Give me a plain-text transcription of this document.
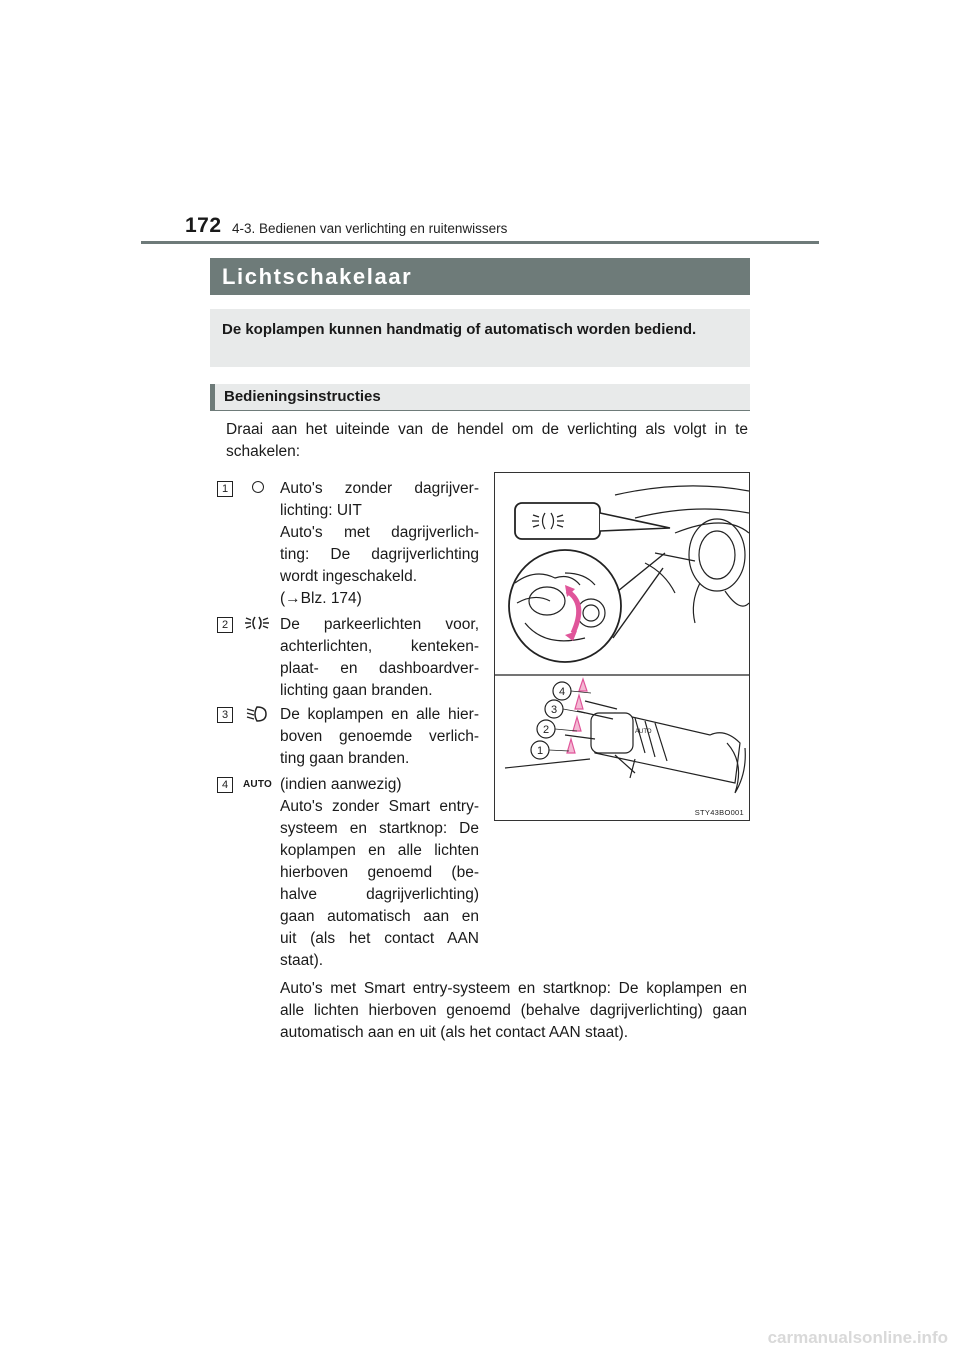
172 4-3. Bedienen van verlichting en ruitenwissers
Lichtschakelaar
De koplampen kunnen handmatig of automatisch worden bediend.
Bedieningsinstructies
Draai aan het uiteinde van de hendel om de verlichting als volgt in te schakelen:
1	Auto's zonder dagrijver-

lichting: UIT

Auto's met dagrijverlich-

ting: De dagrijverlichting

wordt ingeschakeld.

(→Blz. 174)

2	De parkeerlichten voor,

achterlichten, kenteken-

plaat- en dashboardver-

lichting gaan branden.

3	De koplampen en alle hier-

boven genoemde verlich-

ting gaan branden.

4	AUTO (indien aanwezig)

Auto's zonder Smart entry-

systeem en startknop: De

koplampen en alle lichten

hierboven genoemd (be-

halve dagrijverlichting)

gaan automatisch aan en

uit (als het contact AAN

staat).

Auto's met Smart entry-systeem en startknop: De koplampen en alle lichten hierboven genoemd (behalve dagrijverlichting) gaan automatisch aan en uit (als het contact AAN staat).
AUTO
4
3
2
1
STY43BO001
carmanualsonline.info
